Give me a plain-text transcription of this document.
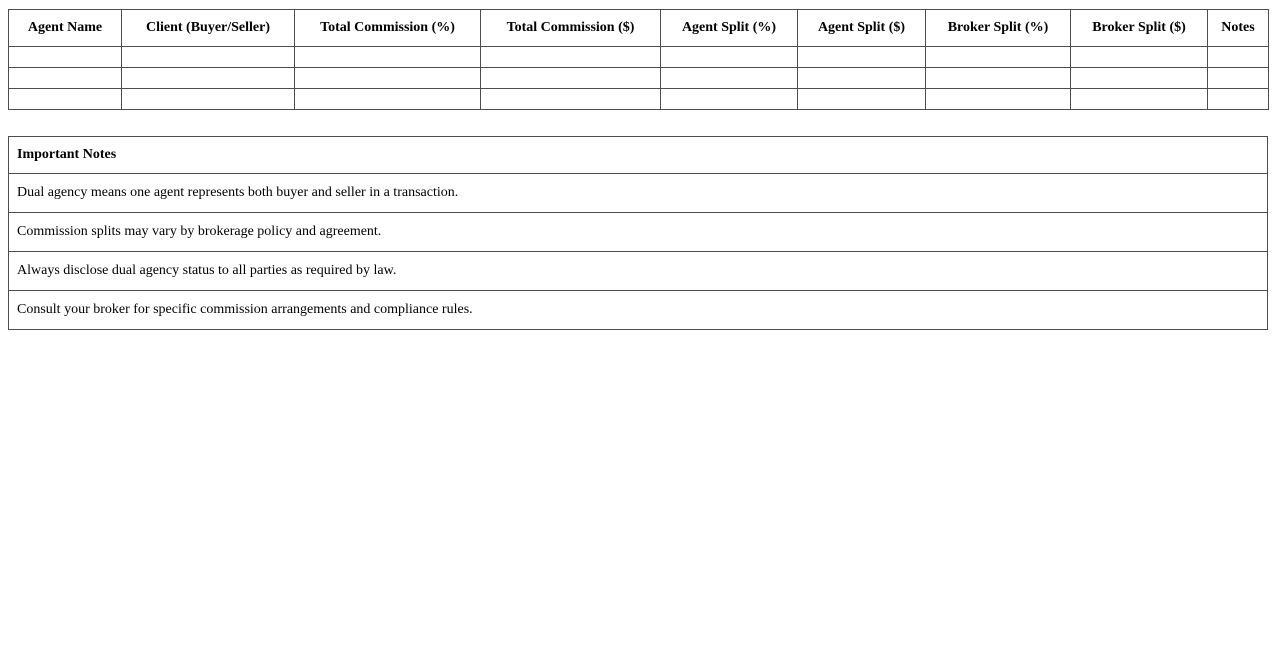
Agent Name	Client (Buyer/Seller)	Total Commission (%)	Total Commission ($)	Agent Split (%)	Agent Split ($)	Broker Split (%)	Broker Split ($)	Notes

Important Notes
Dual agency means one agent represents both buyer and seller in a transaction.
Commission splits may vary by brokerage policy and agreement.
Always disclose dual agency status to all parties as required by law.
Consult your broker for specific commission arrangements and compliance rules.
